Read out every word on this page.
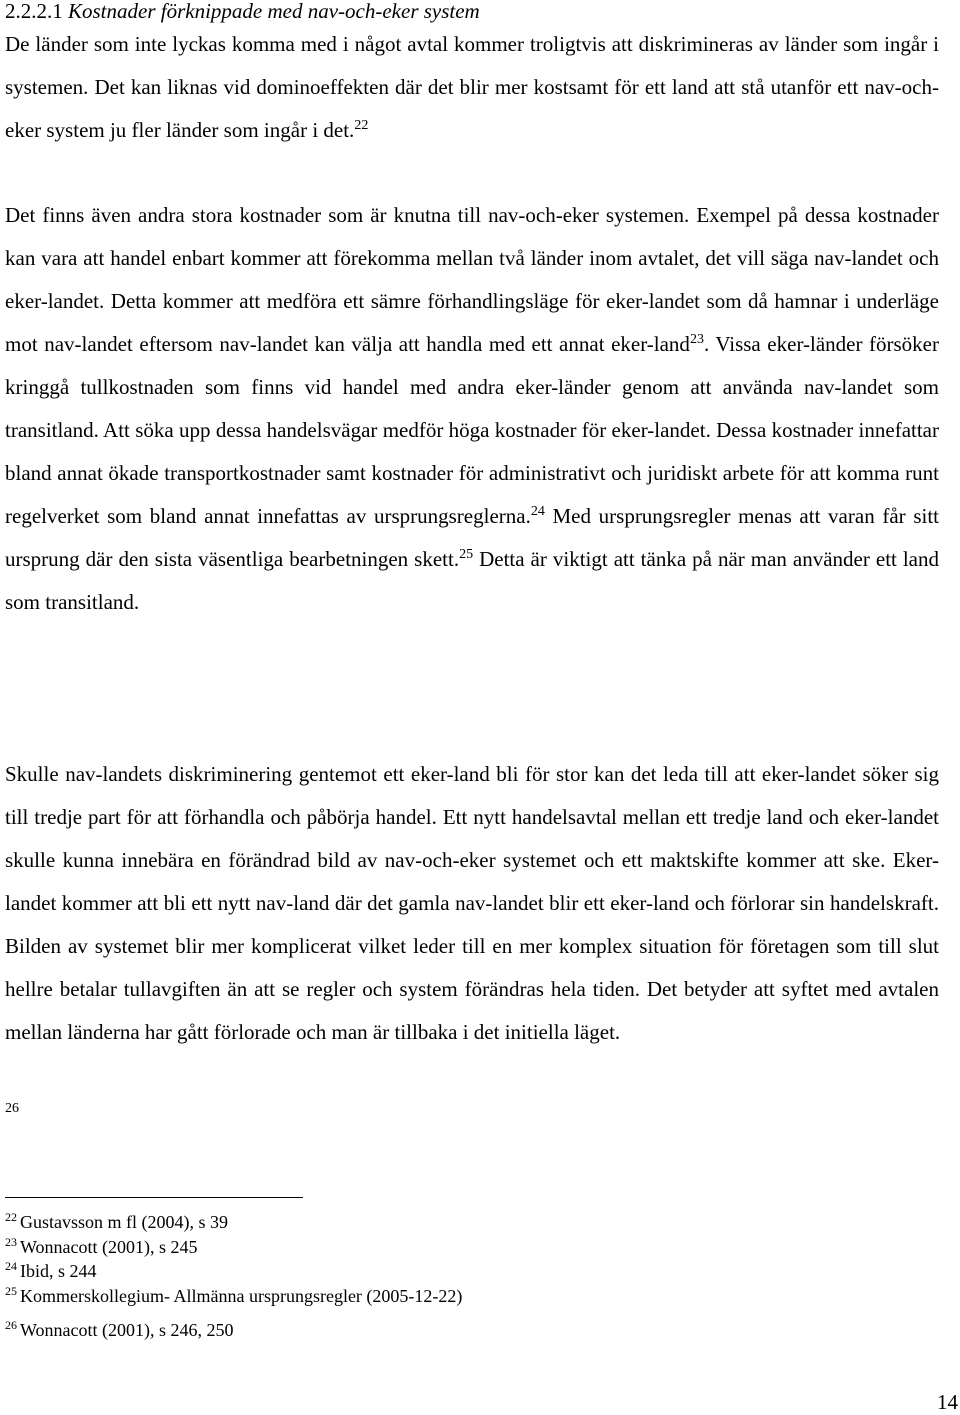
2.2.2.1 Kostnader förknippade med nav-och-eker system

De länder som inte lyckas komma med i något avtal kommer troligtvis att diskrimineras av länder som ingår i systemen. Det kan liknas vid dominoeffekten där det blir mer kostsamt för ett land att stå utanför ett nav-och-eker system ju fler länder som ingår i det.$^{22}$

Det finns även andra stora kostnader som är knutna till nav-och-eker systemen. Exempel på dessa kostnader kan vara att handel enbart kommer att förekomma mellan två länder inom avtalet, det vill säga nav-landet och eker-landet. Detta kommer att medföra ett sämre förhandlingsläge för eker-landet som då hamnar i underläge mot nav-landet eftersom nav-landet kan välja att handla med ett annat eker-land$^{23}$. Vissa eker-länder försöker kringgå tullkostnaden som finns vid handel med andra eker-länder genom att använda nav-landet som transitland. Att söka upp dessa handelsvägar medför höga kostnader för eker-landet. Dessa kostnader innefattar bland annat ökade transportkostnader samt kostnader för administrativt och juridiskt arbete för att komma runt regelverket som bland annat innefattas av ursprungsreglerna.$^{24}$ Med ursprungsregler menas att varan får sitt ursprung där den sista väsentliga bearbetningen skett.$^{25}$ Detta är viktigt att tänka på när man använder ett land som transitland.

Skulle nav-landets diskriminering gentemot ett eker-land bli för stor kan det leda till att eker-landet söker sig till tredje part för att förhandla och påbörja handel. Ett nytt handelsavtal mellan ett tredje land och eker-landet skulle kunna innebära en förändrad bild av nav-och-eker systemet och ett maktskifte kommer att ske. Eker-landet kommer att bli ett nytt nav-land där det gamla nav-landet blir ett eker-land och förlorar sin handelskraft. Bilden av systemet blir mer komplicerat vilket leder till en mer komplex situation för företagen som till slut hellre betalar tullavgiften än att se regler och system förändras hela tiden. Det betyder att syftet med avtalen mellan länderna har gått förlorade och man är tillbaka i det initiella läget.

26
$^{22}$ Gustavsson m fl (2004), s 39
$^{23}$ Wonnacott (2001), s 245
$^{24}$ Ibid, s 244
$^{25}$ Kommerskollegium- Allmänna ursprungsregler (2005-12-22)
$^{26}$ Wonnacott (2001), s 246, 250
14
